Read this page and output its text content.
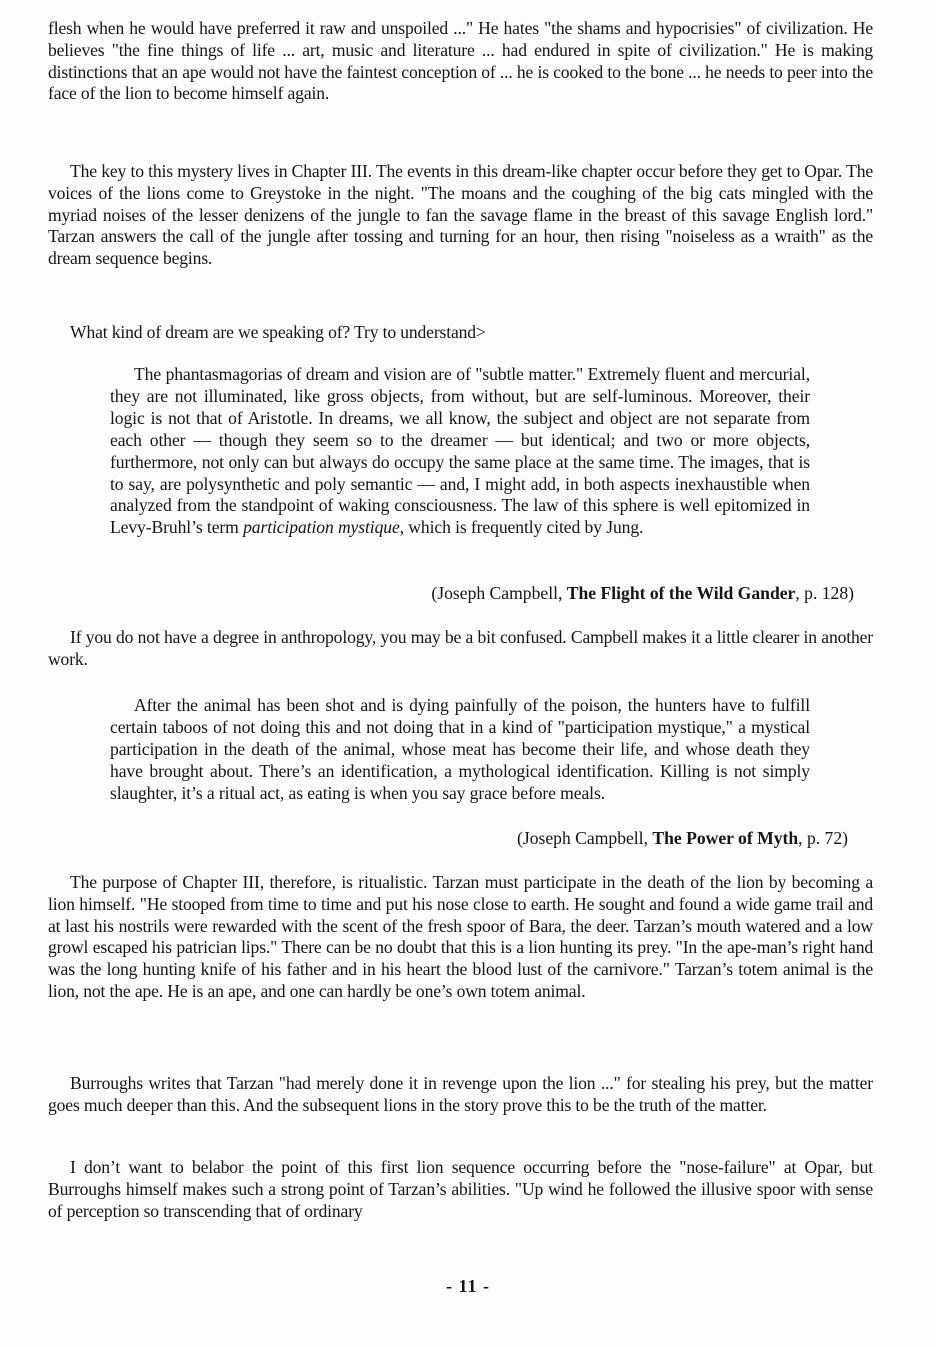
flesh when he would have preferred it raw and unspoiled ..." He hates "the shams and hypocrisies" of civilization. He believes "the fine things of life ... art, music and literature ... had endured in spite of civilization." He is making distinctions that an ape would not have the faintest conception of ... he is cooked to the bone ... he needs to peer into the face of the lion to become himself again.

The key to this mystery lives in Chapter III. The events in this dream-like chapter occur before they get to Opar. The voices of the lions come to Greystoke in the night. "The moans and the coughing of the big cats mingled with the myriad noises of the lesser denizens of the jungle to fan the savage flame in the breast of this savage English lord." Tarzan answers the call of the jungle after tossing and turning for an hour, then rising "noiseless as a wraith" as the dream sequence begins.

What kind of dream are we speaking of? Try to understand>

The phantasmagorias of dream and vision are of "subtle matter." Extremely fluent and mercurial, they are not illuminated, like gross objects, from without, but are self-luminous. Moreover, their logic is not that of Aristotle. In dreams, we all know, the subject and object are not separate from each other — though they seem so to the dreamer — but identical; and two or more objects, furthermore, not only can but always do occupy the same place at the same time. The images, that is to say, are polysynthetic and poly semantic — and, I might add, in both aspects inexhaustible when analyzed from the standpoint of waking consciousness. The law of this sphere is well epitomized in Levy-Bruhl’s term participation mystique, which is frequently cited by Jung.

(Joseph Campbell, The Flight of the Wild Gander, p. 128)

If you do not have a degree in anthropology, you may be a bit confused. Campbell makes it a little clearer in another work.

After the animal has been shot and is dying painfully of the poison, the hunters have to fulfill certain taboos of not doing this and not doing that in a kind of "participation mystique," a mystical participation in the death of the animal, whose meat has become their life, and whose death they have brought about. There’s an identification, a mythological identification. Killing is not simply slaughter, it’s a ritual act, as eating is when you say grace before meals.

(Joseph Campbell, The Power of Myth, p. 72)

The purpose of Chapter III, therefore, is ritualistic. Tarzan must participate in the death of the lion by becoming a lion himself. "He stooped from time to time and put his nose close to earth. He sought and found a wide game trail and at last his nostrils were rewarded with the scent of the fresh spoor of Bara, the deer. Tarzan’s mouth watered and a low growl escaped his patrician lips." There can be no doubt that this is a lion hunting its prey. "In the ape-man’s right hand was the long hunting knife of his father and in his heart the blood lust of the carnivore." Tarzan’s totem animal is the lion, not the ape. He is an ape, and one can hardly be one’s own totem animal.

Burroughs writes that Tarzan "had merely done it in revenge upon the lion ..." for stealing his prey, but the matter goes much deeper than this. And the subsequent lions in the story prove this to be the truth of the matter.

I don’t want to belabor the point of this first lion sequence occurring before the "nose-failure" at Opar, but Burroughs himself makes such a strong point of Tarzan’s abilities. "Up wind he followed the illusive spoor with sense of perception so transcending that of ordinary

- 11 -
